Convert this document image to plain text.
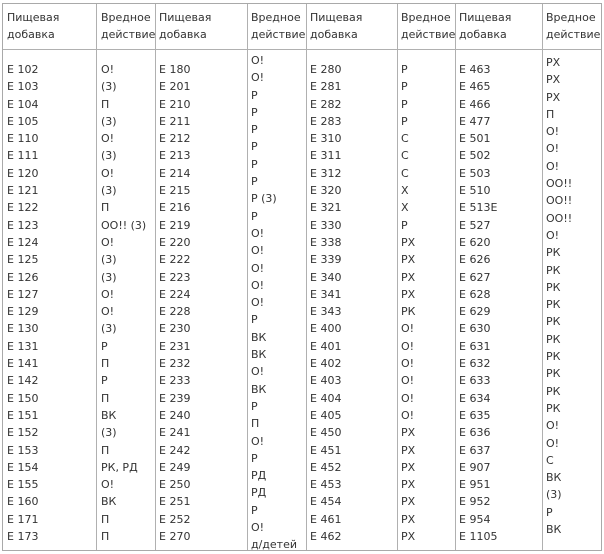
Пищевая
добавка
Вредное
действие
Пищевая
добавка
Вредное
действие
Пищевая
добавка
Вредное
действие
Пищевая
добавка
Вредное
действие
E 102
E 103
E 104
E 105
E 110
E 111
E 120
E 121
E 122
E 123
E 124
E 125
E 126
E 127
E 129
E 130
E 131
E 141
E 142
E 150
E 151
E 152
E 153
E 154
E 155
E 160
E 171
E 173
О!
(3)
П
(3)
О!
(3)
О!
(3)
П
ОО!! (3)
О!
(3)
(3)
О!
О!
(3)
Р
П
Р
П
ВК
(3)
П
РК, РД
О!
ВК
П
П
E 180
E 201
E 210
E 211
E 212
E 213
E 214
E 215
E 216
E 219
E 220
E 222
E 223
E 224
E 228
E 230
E 231
E 232
E 233
E 239
E 240
E 241
E 242
E 249
E 250
E 251
E 252
E 270
О!
О!
Р
Р
Р
Р
Р
Р
Р (3)
Р
О!
О!
О!
О!
О!
Р
ВК
ВК
О!
ВК
Р
П
О!
Р
РД
РД
Р
О!
д/детей
E 280
E 281
E 282
E 283
E 310
E 311
E 312
E 320
E 321
E 330
E 338
E 339
E 340
E 341
E 343
E 400
E 401
E 402
E 403
E 404
E 405
E 450
E 451
E 452
E 453
E 454
E 461
E 462
Р
Р
Р
Р
С
С
С
Х
Х
Р
РХ
РХ
РХ
РХ
РК
О!
О!
О!
О!
О!
О!
РХ
РХ
РХ
РХ
РХ
РХ
РХ
E 463
E 465
E 466
E 477
E 501
E 502
E 503
E 510
E 513Е
E 527
E 620
E 626
E 627
E 628
E 629
E 630
E 631
E 632
E 633
E 634
E 635
E 636
E 637
E 907
E 951
E 952
E 954
E 1105
РХ
РХ
РХ
П
О!
О!
О!
ОО!!
ОО!!
ОО!!
О!
РК
РК
РК
РК
РК
РК
РК
РК
РК
РК
О!
О!
С
ВК
(3)
Р
ВК
